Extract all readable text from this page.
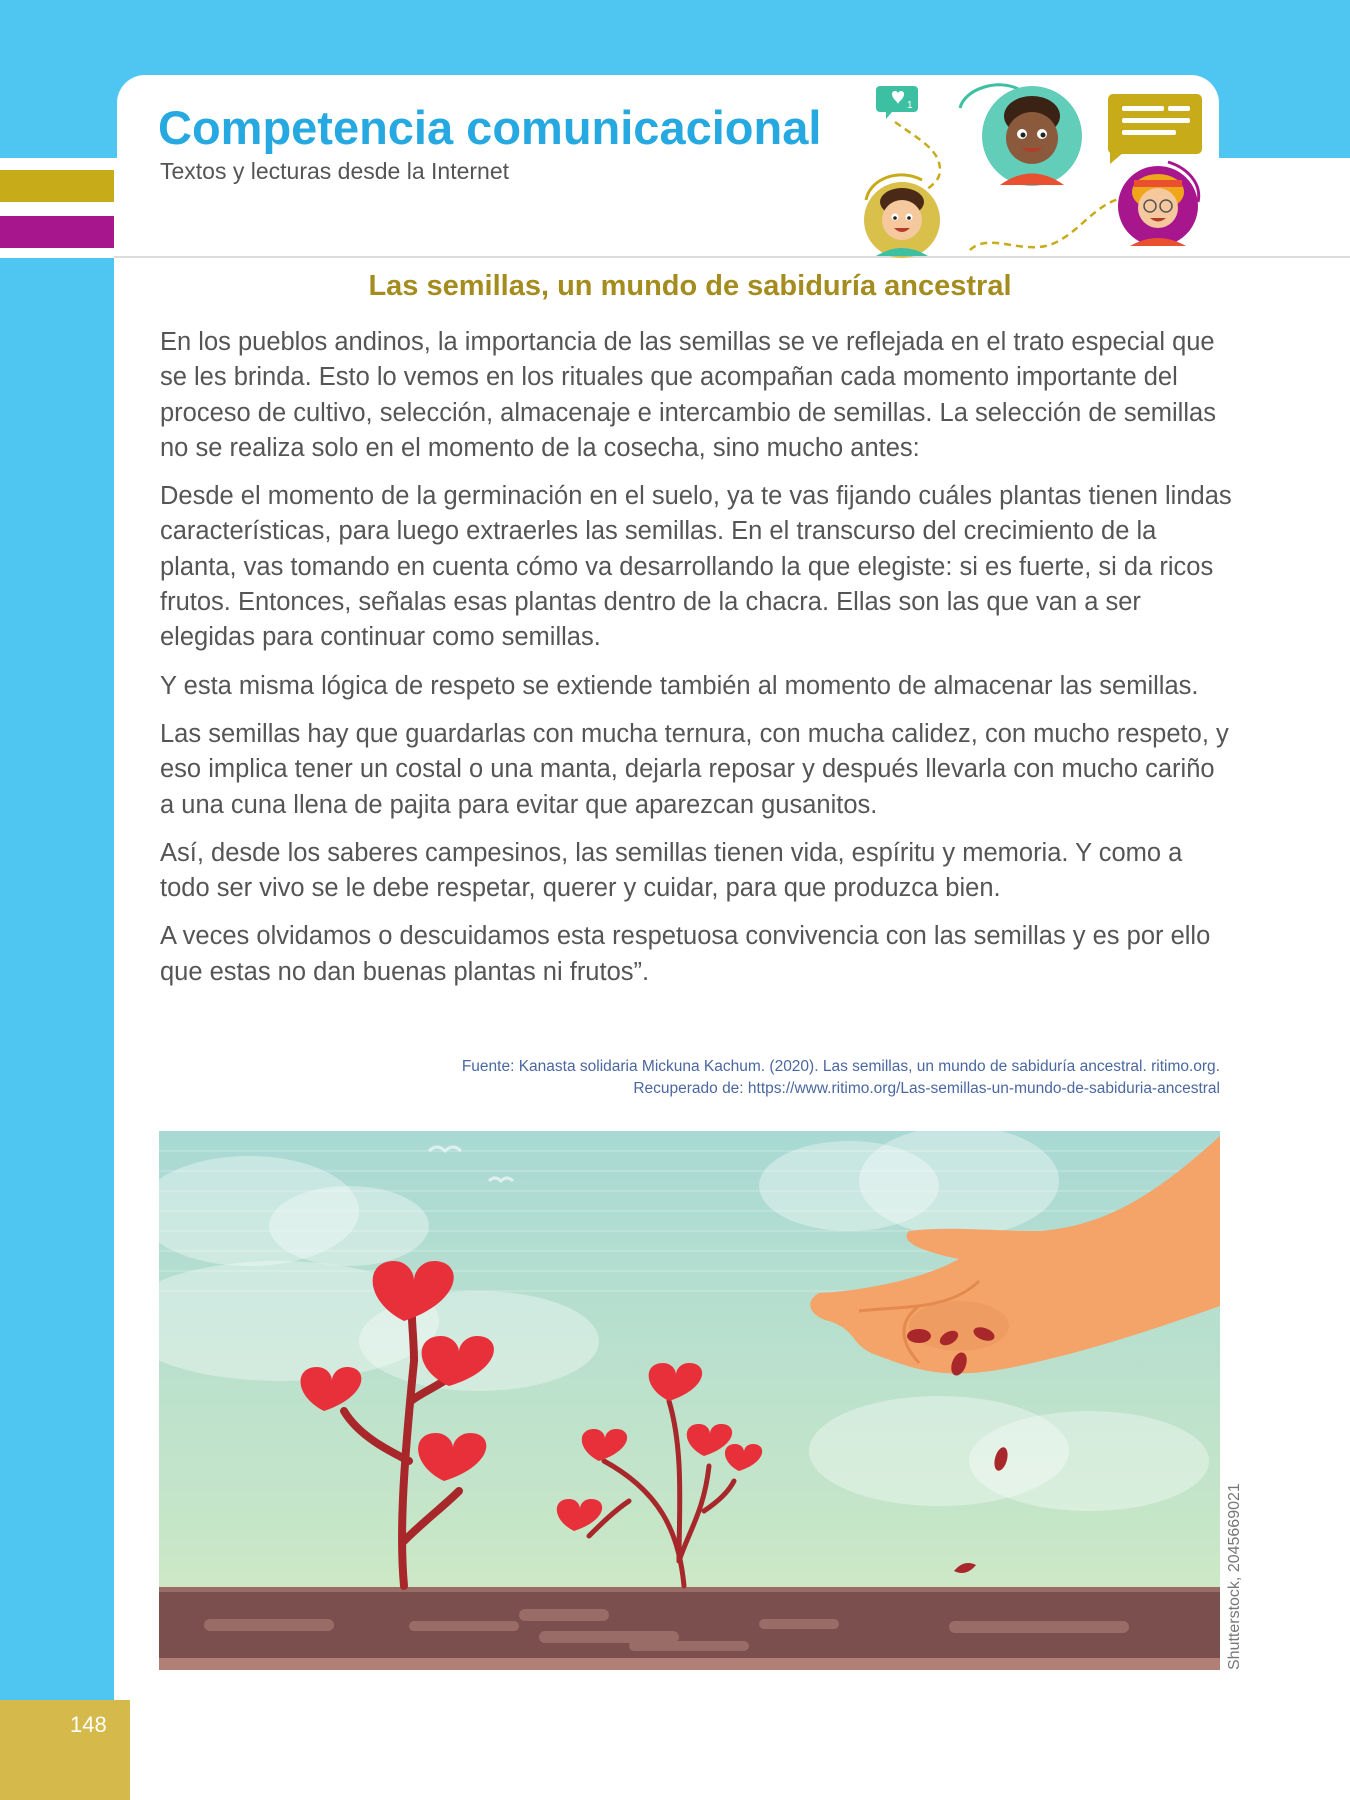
Competencia comunicacional

Textos y lecturas desde la Internet

1
Las semillas, un mundo de sabiduría ancestral

En los pueblos andinos, la importancia de las semillas se ve reflejada en el trato especial que se les brinda. Esto lo vemos en los rituales que acompañan cada momento importante del proceso de cultivo, selección, almacenaje e intercambio de semillas. La selección de semillas no se realiza solo en el momento de la cosecha, sino mucho antes:

Desde el momento de la germinación en el suelo, ya te vas fijando cuáles plantas tienen lindas características, para luego extraerles las semillas. En el transcurso del crecimiento de la planta, vas tomando en cuenta cómo va desarrollando la que elegiste: si es fuerte, si da ricos frutos. Entonces, señalas esas plantas dentro de la chacra. Ellas son las que van a ser elegidas para continuar como semillas.

Y esta misma lógica de respeto se extiende también al momento de almacenar las semillas.

Las semillas hay que guardarlas con mucha ternura, con mucha calidez, con mucho respeto, y eso implica tener un costal o una manta, dejarla reposar y después llevarla con mucho cariño a una cuna llena de pajita para evitar que aparezcan gusanitos.

Así, desde los saberes campesinos, las semillas tienen vida, espíritu y memoria. Y como a todo ser vivo se le debe respetar, querer y cuidar, para que produzca bien.

A veces olvidamos o descuidamos esta respetuosa convivencia con las semillas y es por ello que estas no dan buenas plantas ni frutos”.

Fuente: Kanasta solidaria Mickuna Kachum. (2020). Las semillas, un mundo de sabiduría ancestral. ritimo.org.

Recuperado de: https://www.ritimo.org/Las-semillas-un-mundo-de-sabiduria-ancestral

Shutterstock, 2045669021
148
